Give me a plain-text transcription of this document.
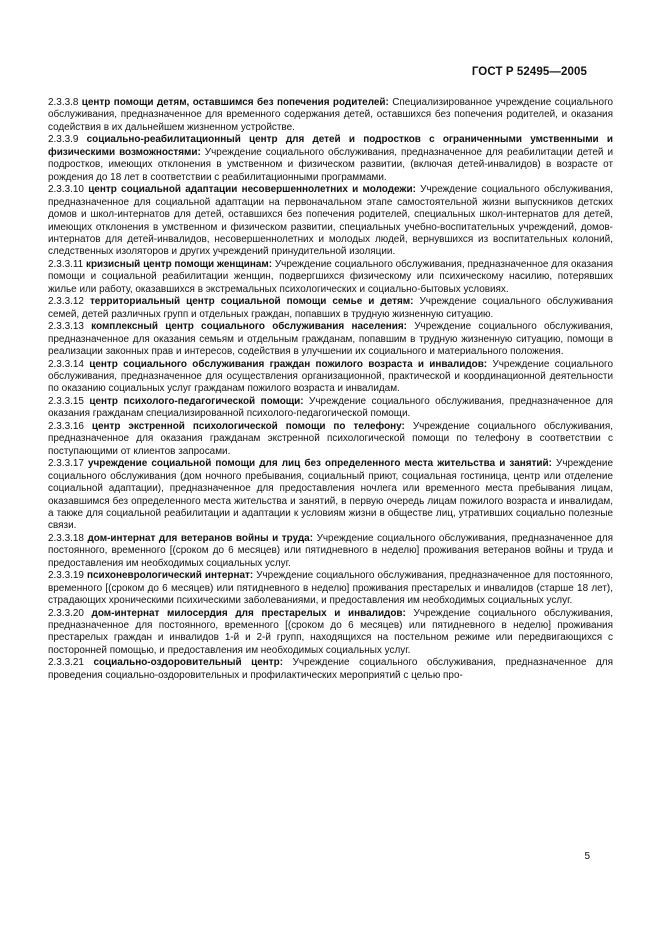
ГОСТ Р 52495—2005

2.3.3.8 центр помощи детям, оставшимся без попечения родителей: Специализированное учреждение социального обслуживания, предназначенное для временного содержания детей, оставшихся без попечения родителей, и оказания содействия в их дальнейшем жизненном устройстве.

2.3.3.9 социально-реабилитационный центр для детей и подростков с ограниченными умственными и физическими возможностями: Учреждение социального обслуживания, предназначенное для реабилитации детей и подростков, имеющих отклонения в умственном и физическом развитии, (включая детей-инвалидов) в возрасте от рождения до 18 лет в соответствии с реабилитационными программами.

2.3.3.10 центр социальной адаптации несовершеннолетних и молодежи: Учреждение социального обслуживания, предназначенное для социальной адаптации на первоначальном этапе самостоятельной жизни выпускников детских домов и школ-интернатов для детей, оставшихся без попечения родителей, специальных школ-интернатов для детей, имеющих отклонения в умственном и физическом развитии, специальных учебно-воспитательных учреждений, домов-интернатов для детей-инвалидов, несовершеннолетних и молодых людей, вернувшихся из воспитательных колоний, следственных изоляторов и других учреждений принудительной изоляции.

2.3.3.11 кризисный центр помощи женщинам: Учреждение социального обслуживания, предназначенное для оказания помощи и социальной реабилитации женщин, подвергшихся физическому или психическому насилию, потерявших жилье или работу, оказавшихся в экстремальных психологических и социально-бытовых условиях.

2.3.3.12 территориальный центр социальной помощи семье и детям: Учреждение социального обслуживания семей, детей различных групп и отдельных граждан, попавших в трудную жизненную ситуацию.

2.3.3.13 комплексный центр социального обслуживания населения: Учреждение социального обслуживания, предназначенное для оказания семьям и отдельным гражданам, попавшим в трудную жизненную ситуацию, помощи в реализации законных прав и интересов, содействия в улучшении их социального и материального положения.

2.3.3.14 центр социального обслуживания граждан пожилого возраста и инвалидов: Учреждение социального обслуживания, предназначенное для осуществления организационной, практической и координационной деятельности по оказанию социальных услуг гражданам пожилого возраста и инвалидам.

2.3.3.15 центр психолого-педагогической помощи: Учреждение социального обслуживания, предназначенное для оказания гражданам специализированной психолого-педагогической помощи.

2.3.3.16 центр экстренной психологической помощи по телефону: Учреждение социального обслуживания, предназначенное для оказания гражданам экстренной психологической помощи по телефону в соответствии с поступающими от клиентов запросами.

2.3.3.17 учреждение социальной помощи для лиц без определенного места жительства и занятий: Учреждение социального обслуживания (дом ночного пребывания, социальный приют, социальная гостиница, центр или отделение социальной адаптации), предназначенное для предоставления ночлега или временного места пребывания лицам, оказавшимся без определенного места жительства и занятий, в первую очередь лицам пожилого возраста и инвалидам, а также для социальной реабилитации и адаптации к условиям жизни в обществе лиц, утративших социально полезные связи.

2.3.3.18 дом-интернат для ветеранов войны и труда: Учреждение социального обслуживания, предназначенное для постоянного, временного [(сроком до 6 месяцев) или пятидневного в неделю] проживания ветеранов войны и труда и предоставления им необходимых социальных услуг.

2.3.3.19 психоневрологический интернат: Учреждение социального обслуживания, предназначенное для постоянного, временного [(сроком до 6 месяцев) или пятидневного в неделю] проживания престарелых и инвалидов (старше 18 лет), страдающих хроническими психическими заболеваниями, и предоставления им необходимых социальных услуг.

2.3.3.20 дом-интернат милосердия для престарелых и инвалидов: Учреждение социального обслуживания, предназначенное для постоянного, временного [(сроком до 6 месяцев) или пятидневного в неделю] проживания престарелых граждан и инвалидов 1-й и 2-й групп, находящихся на постельном режиме или передвигающихся с посторонней помощью, и предоставления им необходимых социальных услуг.

2.3.3.21 социально-оздоровительный центр: Учреждение социального обслуживания, предназначенное для проведения социально-оздоровительных и профилактических мероприятий с целью про-

5
